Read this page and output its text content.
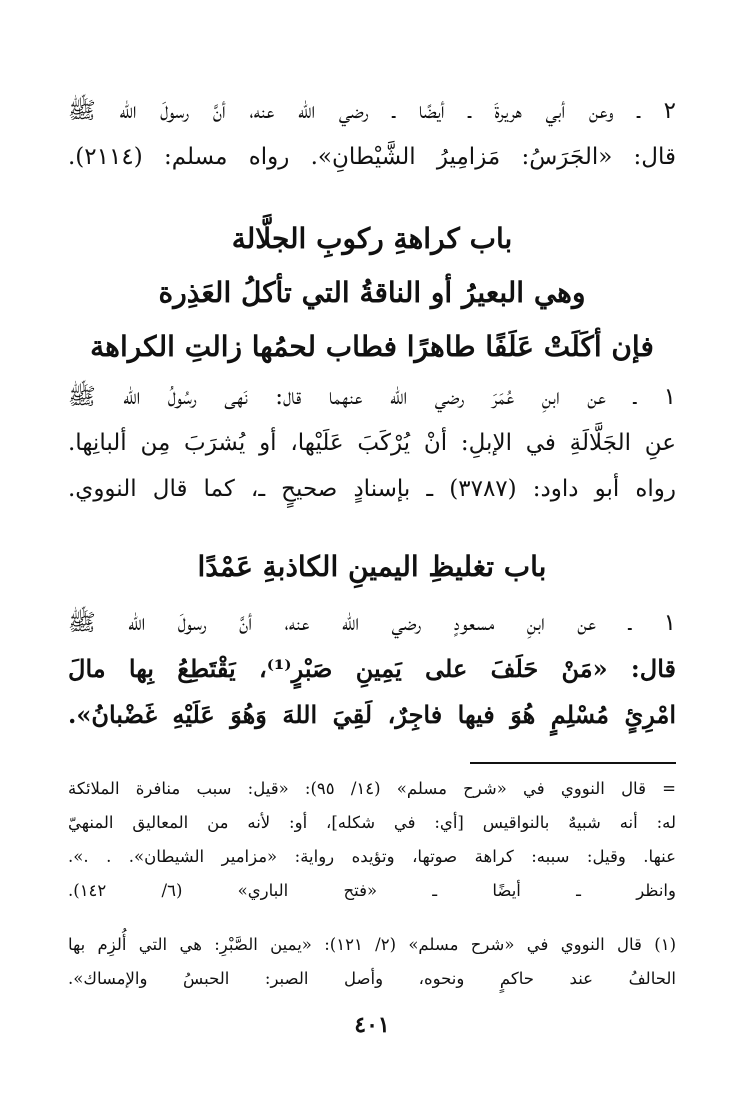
٢ ـ وعن أبي هريرةَ ـ أيضًا ـ رضي الله عنه، أنَّ رسولَ الله ﷺ
قال: «الجَرَسُ: مَزامِيرُ الشَّيْطانِ». رواه مسلم: (٢١١٤).
باب كراهةِ ركوبِ الجلَّالة
وهي البعيرُ أو الناقةُ التي تأكلُ العَذِرة
فإن أكَلَتْ عَلَفًا طاهرًا فطاب لحمُها زالتِ الكراهة
١ ـ عن ابنِ عُمَرَ رضي الله عنهما قال: نَهى رسُولُ الله ﷺ
عنِ الجَلَّالَةِ في الإبلِ: أنْ يُرْكَبَ عَلَيْها، أو يُشرَبَ مِن ألبانِها.
رواه أبو داود: (٣٧٨٧) ـ بإسنادٍ صحيحٍ ـ، كما قال النووي.
باب تغليظِ اليمينِ الكاذبةِ عَمْدًا
١ ـ عن ابنِ مسعودٍ رضي الله عنه، أنَّ رسولَ الله ﷺ
قال: «مَنْ حَلَفَ على يَمِينِ صَبْرٍ⁽¹⁾، يَقْتَطِعُ بِها مالَ
امْرِئٍ مُسْلِمٍ هُوَ فيها فاجِرٌ، لَقِيَ اللهَ وَهُوَ عَلَيْهِ غَضْبانُ».
= قال النووي في «شرح مسلم» (١٤/ ٩٥): «قيل: سبب منافرة الملائكة
له: أنه شبيهٌ بالنواقيس [أي: في شكله]، أو: لأنه من المعاليق المنهيّ
عنها. وقيل: سببه: كراهة صوتها، وتؤيده رواية: «مزامير الشيطان». . .».
وانظر ـ أيضًا ـ «فتح الباري» (٦/ ١٤٢).
(١) قال النووي في «شرح مسلم» (٢/ ١٢١): «يمين الصَّبْرِ: هي التي أُلزِم بها
الحالفُ عند حاكمٍ ونحوه، وأصل الصبر: الحبسُ والإمساك».
٤٠١
